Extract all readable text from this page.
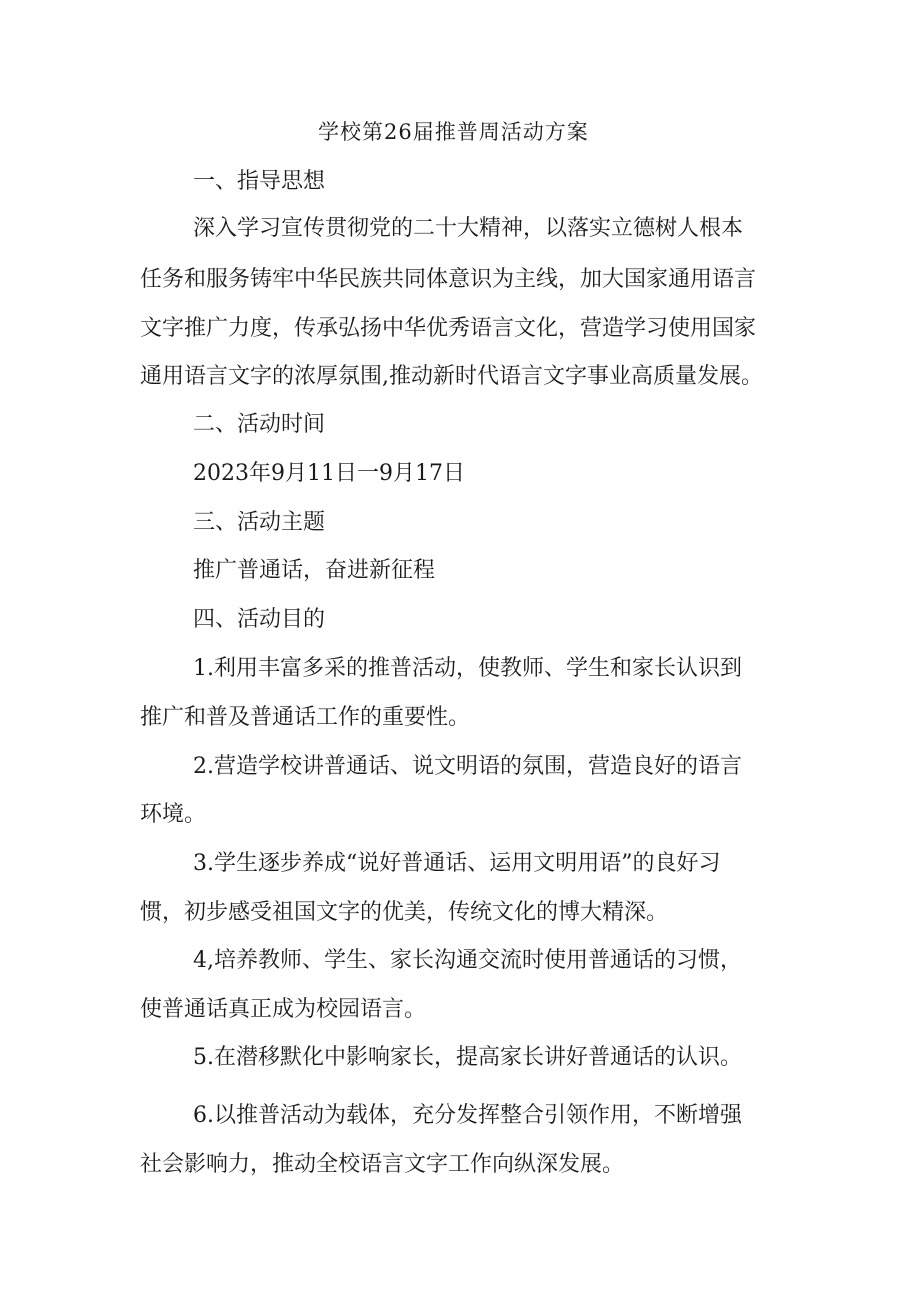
学校第26届推普周活动方案
一、指导思想
深入学习宣传贯彻党的二十大精神，以落实立德树人根本
任务和服务铸牢中华民族共同体意识为主线，加大国家通用语言
文字推广力度，传承弘扬中华优秀语言文化，营造学习使用国家
通用语言文字的浓厚氛围,推动新时代语言文字事业高质量发展。
二、活动时间
2023年9月11日一9月17日
三、活动主题
推广普通话，奋进新征程
四、活动目的
1.利用丰富多采的推普活动，使教师、学生和家长认识到
推广和普及普通话工作的重要性。
2.营造学校讲普通话、说文明语的氛围，营造良好的语言
环境。
3.学生逐步养成“说好普通话、运用文明用语”的良好习
惯，初步感受祖国文字的优美，传统文化的博大精深。
4,培养教师、学生、家长沟通交流时使用普通话的习惯，
使普通话真正成为校园语言。
5.在潜移默化中影响家长，提高家长讲好普通话的认识。
6.以推普活动为载体，充分发挥整合引领作用，不断增强
社会影响力，推动全校语言文字工作向纵深发展。
